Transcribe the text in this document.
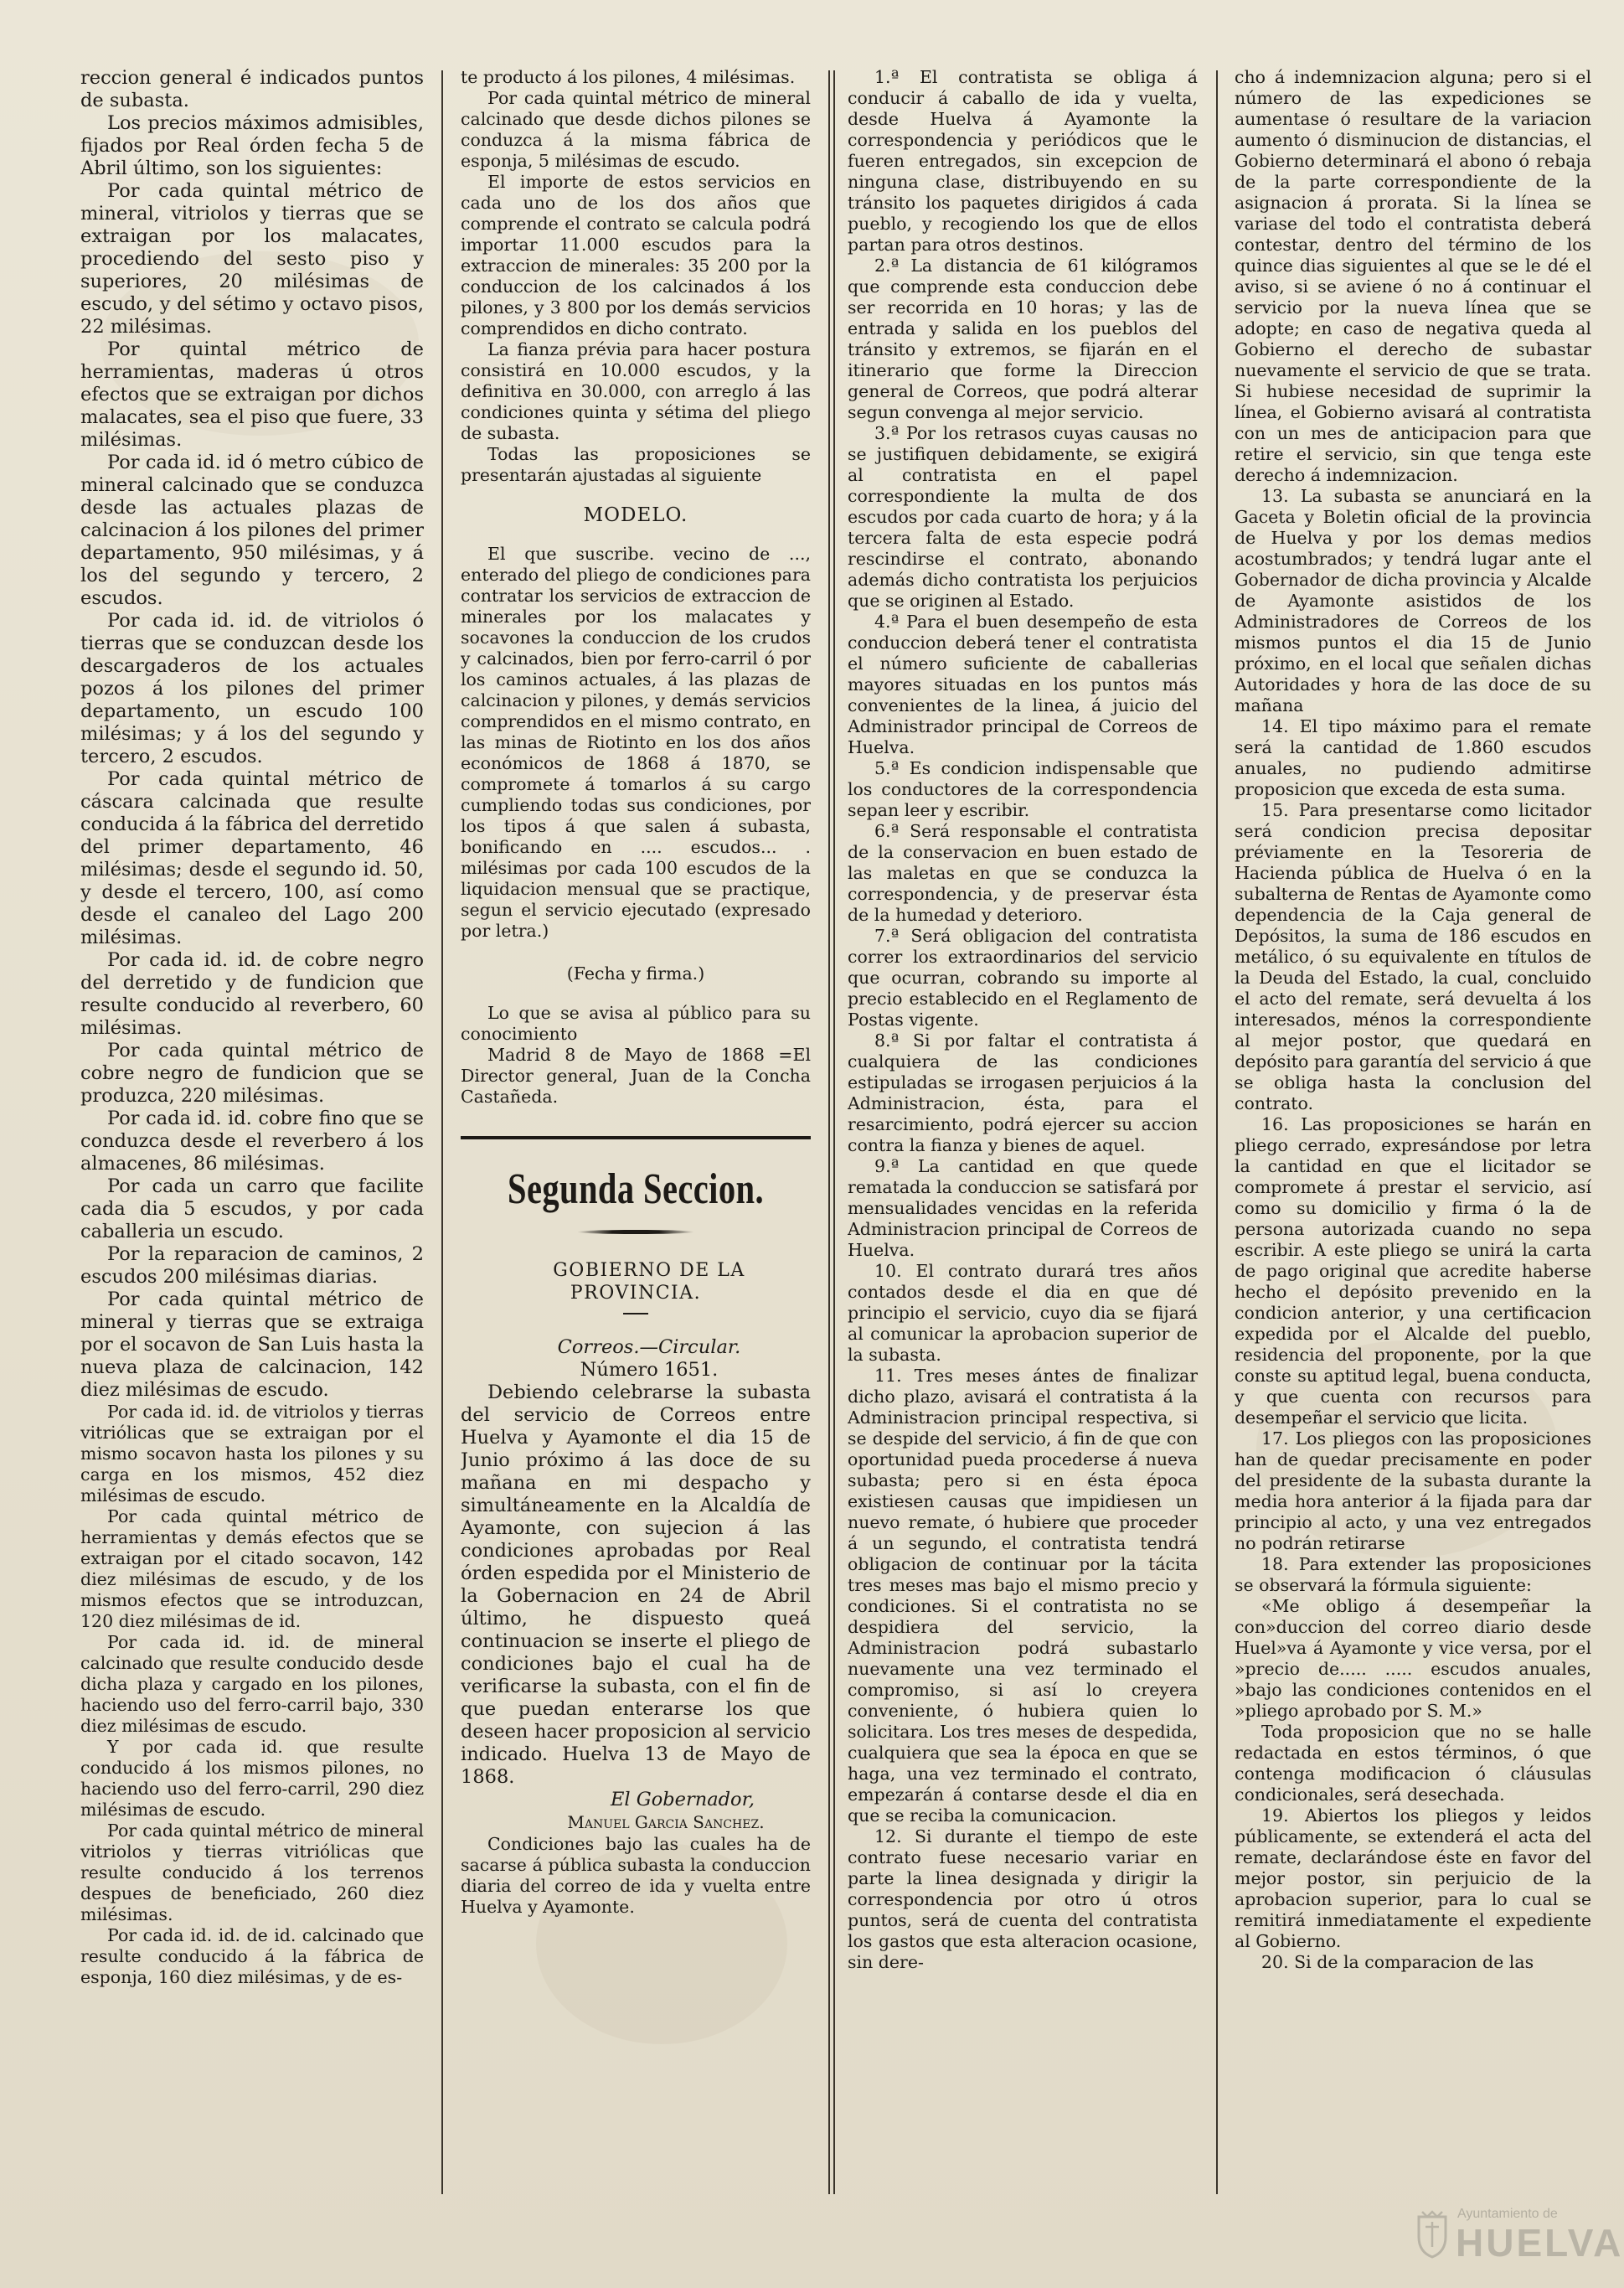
reccion general é indicados puntos de subasta.

Los precios máximos admisibles, fijados por Real órden fecha 5 de Abril último, son los siguientes:

Por cada quintal métrico de mineral, vitriolos y tierras que se extraigan por los malacates, procediendo del sesto piso y superiores, 20 milésimas de escudo, y del sétimo y octavo pisos, 22 milésimas.

Por quintal métrico de herramientas, maderas ú otros efectos que se extraigan por dichos malacates, sea el piso que fuere, 33 milésimas.

Por cada id. id ó metro cúbico de mineral calcinado que se conduzca desde las actuales plazas de calcinacion á los pilones del primer departamento, 950 milésimas, y á los del segundo y tercero, 2 escudos.

Por cada id. id. de vitriolos ó tierras que se conduzcan desde los descargaderos de los actuales pozos á los pilones del primer departamento, un escudo 100 milésimas; y á los del segundo y tercero, 2 escudos.

Por cada quintal métrico de cáscara calcinada que resulte conducida á la fábrica del derretido del primer departamento, 46 milésimas; desde el segundo id. 50, y desde el tercero, 100, así como desde el canaleo del Lago 200 milésimas.

Por cada id. id. de cobre negro del derretido y de fundicion que resulte conducido al reverbero, 60 milésimas.

Por cada quintal métrico de cobre negro de fundicion que se produzca, 220 milésimas.

Por cada id. id. cobre fino que se conduzca desde el reverbero á los almacenes, 86 milésimas.

Por cada un carro que facilite cada dia 5 escudos, y por cada caballeria un escudo.

Por la reparacion de caminos, 2 escudos 200 milésimas diarias.

Por cada quintal métrico de mineral y tierras que se extraiga por el socavon de San Luis hasta la nueva plaza de calcinacion, 142 diez milésimas de escudo.

Por cada id. id. de vitriolos y tierras vitriólicas que se extraigan por el mismo socavon hasta los pilones y su carga en los mismos, 452 diez milésimas de escudo.

Por cada quintal métrico de herramientas y demás efectos que se extraigan por el citado socavon, 142 diez milésimas de escudo, y de los mismos efectos que se introduzcan, 120 diez milésimas de id.

Por cada id. id. de mineral calcinado que resulte conducido desde dicha plaza y cargado en los pilones, haciendo uso del ferro-carril bajo, 330 diez milésimas de escudo.

Y por cada id. que resulte conducido á los mismos pilones, no haciendo uso del ferro-carril, 290 diez milésimas de escudo.

Por cada quintal métrico de mineral vitriolos y tierras vitriólicas que resulte conducido á los terrenos despues de beneficiado, 260 diez milésimas.

Por cada id. id. de id. calcinado que resulte conducido á la fábrica de esponja, 160 diez milésimas, y de es-

te producto á los pilones, 4 milésimas.

Por cada quintal métrico de mineral calcinado que desde dichos pilones se conduzca á la misma fábrica de esponja, 5 milésimas de escudo.

El importe de estos servicios en cada uno de los dos años que comprende el contrato se calcula podrá importar 11.000 escudos para la extraccion de minerales: 35 200 por la conduccion de los calcinados á los pilones, y 3 800 por los demás servicios comprendidos en dicho contrato.

La fianza prévia para hacer postura consistirá en 10.000 escudos, y la definitiva en 30.000, con arreglo á las condiciones quinta y sétima del pliego de subasta.

Todas las proposiciones se presentarán ajustadas al siguiente

MODELO.

El que suscribe. vecino de ..., enterado del pliego de condiciones para contratar los servicios de extraccion de minerales por los malacates y socavones la conduccion de los crudos y calcinados, bien por ferro-carril ó por los caminos actuales, á las plazas de calcinacion y pilones, y demás servicios comprendidos en el mismo contrato, en las minas de Riotinto en los dos años económicos de 1868 á 1870, se compromete á tomarlos á su cargo cumpliendo todas sus condiciones, por los tipos á que salen á subasta, bonificando en .... escudos... . milésimas por cada 100 escudos de la liquidacion mensual que se practique, segun el servicio ejecutado (expresado por letra.)

(Fecha y firma.)

Lo que se avisa al público para su conocimiento

Madrid 8 de Mayo de 1868 =El Director general, Juan de la Concha Castañeda.

Segunda Seccion.

GOBIERNO DE LA PROVINCIA.

Correos.—Circular.

Número 1651.

Debiendo celebrarse la subasta del servicio de Correos entre Huelva y Ayamonte el dia 15 de Junio próximo á las doce de su mañana en mi despacho y simultáneamente en la Alcaldía de Ayamonte, con sujecion á las condiciones aprobadas por Real órden espedida por el Ministerio de la Gobernacion en 24 de Abril último, he dispuesto queá continuacion se inserte el pliego de condiciones bajo el cual ha de verificarse la subasta, con el fin de que puedan enterarse los que deseen hacer proposicion al servicio indicado. Huelva 13 de Mayo de 1868.

El Gobernador,

Manuel Garcia Sanchez.

Condiciones bajo las cuales ha de sacarse á pública subasta la conduccion diaria del correo de ida y vuelta entre Huelva y Ayamonte.

1.ª El contratista se obliga á conducir á caballo de ida y vuelta, desde Huelva á Ayamonte la correspondencia y periódicos que le fueren entregados, sin excepcion de ninguna clase, distribuyendo en su tránsito los paquetes dirigidos á cada pueblo, y recogiendo los que de ellos partan para otros destinos.

2.ª La distancia de 61 kilógramos que comprende esta conduccion debe ser recorrida en 10 horas; y las de entrada y salida en los pueblos del tránsito y extremos, se fijarán en el itinerario que forme la Direccion general de Correos, que podrá alterar segun convenga al mejor servicio.

3.ª Por los retrasos cuyas causas no se justifiquen debidamente, se exigirá al contratista en el papel correspondiente la multa de dos escudos por cada cuarto de hora; y á la tercera falta de esta especie podrá rescindirse el contrato, abonando además dicho contratista los perjuicios que se originen al Estado.

4.ª Para el buen desempeño de esta conduccion deberá tener el contratista el número suficiente de caballerias mayores situadas en los puntos más convenientes de la linea, á juicio del Administrador principal de Correos de Huelva.

5.ª Es condicion indispensable que los conductores de la correspondencia sepan leer y escribir.

6.ª Será responsable el contratista de la conservacion en buen estado de las maletas en que se conduzca la correspondencia, y de preservar ésta de la humedad y deterioro.

7.ª Será obligacion del contratista correr los extraordinarios del servicio que ocurran, cobrando su importe al precio establecido en el Reglamento de Postas vigente.

8.ª Si por faltar el contratista á cualquiera de las condiciones estipuladas se irrogasen perjuicios á la Administracion, ésta, para el resarcimiento, podrá ejercer su accion contra la fianza y bienes de aquel.

9.ª La cantidad en que quede rematada la conduccion se satisfará por mensualidades vencidas en la referida Administracion principal de Correos de Huelva.

10. El contrato durará tres años contados desde el dia en que dé principio el servicio, cuyo dia se fijará al comunicar la aprobacion superior de la subasta.

11. Tres meses ántes de finalizar dicho plazo, avisará el contratista á la Administracion principal respectiva, si se despide del servicio, á fin de que con oportunidad pueda procederse á nueva subasta; pero si en ésta época existiesen causas que impidiesen un nuevo remate, ó hubiere que proceder á un segundo, el contratista tendrá obligacion de continuar por la tácita tres meses mas bajo el mismo precio y condiciones. Si el contratista no se despidiera del servicio, la Administracion podrá subastarlo nuevamente una vez terminado el compromiso, si así lo creyera conveniente, ó hubiera quien lo solicitara. Los tres meses de despedida, cualquiera que sea la época en que se haga, una vez terminado el contrato, empezarán á contarse desde el dia en que se reciba la comunicacion.

12. Si durante el tiempo de este contrato fuese necesario variar en parte la linea designada y dirigir la correspondencia por otro ú otros puntos, será de cuenta del contratista los gastos que esta alteracion ocasione, sin dere-

cho á indemnizacion alguna; pero si el número de las expediciones se aumentase ó resultare de la variacion aumento ó disminucion de distancias, el Gobierno determinará el abono ó rebaja de la parte correspondiente de la asignacion á prorata. Si la línea se variase del todo el contratista deberá contestar, dentro del término de los quince dias siguientes al que se le dé el aviso, si se aviene ó no á continuar el servicio por la nueva línea que se adopte; en caso de negativa queda al Gobierno el derecho de subastar nuevamente el servicio de que se trata. Si hubiese necesidad de suprimir la línea, el Gobierno avisará al contratista con un mes de anticipacion para que retire el servicio, sin que tenga este derecho á indemnizacion.

13. La subasta se anunciará en la Gaceta y Boletin oficial de la provincia de Huelva y por los demas medios acostumbrados; y tendrá lugar ante el Gobernador de dicha provincia y Alcalde de Ayamonte asistidos de los Administradores de Correos de los mismos puntos el dia 15 de Junio próximo, en el local que señalen dichas Autoridades y hora de las doce de su mañana

14. El tipo máximo para el remate será la cantidad de 1.860 escudos anuales, no pudiendo admitirse proposicion que exceda de esta suma.

15. Para presentarse como licitador será condicion precisa depositar préviamente en la Tesoreria de Hacienda pública de Huelva ó en la subalterna de Rentas de Ayamonte como dependencia de la Caja general de Depósitos, la suma de 186 escudos en metálico, ó su equivalente en títulos de la Deuda del Estado, la cual, concluido el acto del remate, será devuelta á los interesados, ménos la correspondiente al mejor postor, que quedará en depósito para garantía del servicio á que se obliga hasta la conclusion del contrato.

16. Las proposiciones se harán en pliego cerrado, expresándose por letra la cantidad en que el licitador se compromete á prestar el servicio, así como su domicilio y firma ó la de persona autorizada cuando no sepa escribir. A este pliego se unirá la carta de pago original que acredite haberse hecho el depósito prevenido en la condicion anterior, y una certificacion expedida por el Alcalde del pueblo, residencia del proponente, por la que conste su aptitud legal, buena conducta, y que cuenta con recursos para desempeñar el servicio que licita.

17. Los pliegos con las proposiciones han de quedar precisamente en poder del presidente de la subasta durante la media hora anterior á la fijada para dar principio al acto, y una vez entregados no podrán retirarse

18. Para extender las proposiciones se observará la fórmula siguiente:

«Me obligo á desempeñar la con»duccion del correo diario desde Huel»va á Ayamonte y vice versa, por el »precio de..... ..... escudos anuales, »bajo las condiciones contenidos en el »pliego aprobado por S. M.»

Toda proposicion que no se halle redactada en estos términos, ó que contenga modificacion ó cláusulas condicionales, será desechada.

19. Abiertos los pliegos y leidos públicamente, se extenderá el acta del remate, declarándose éste en favor del mejor postor, sin perjuicio de la aprobacion superior, para lo cual se remitirá inmediatamente el expediente al Gobierno.

20. Si de la comparacion de las

Ayuntamiento de
HUELVA
